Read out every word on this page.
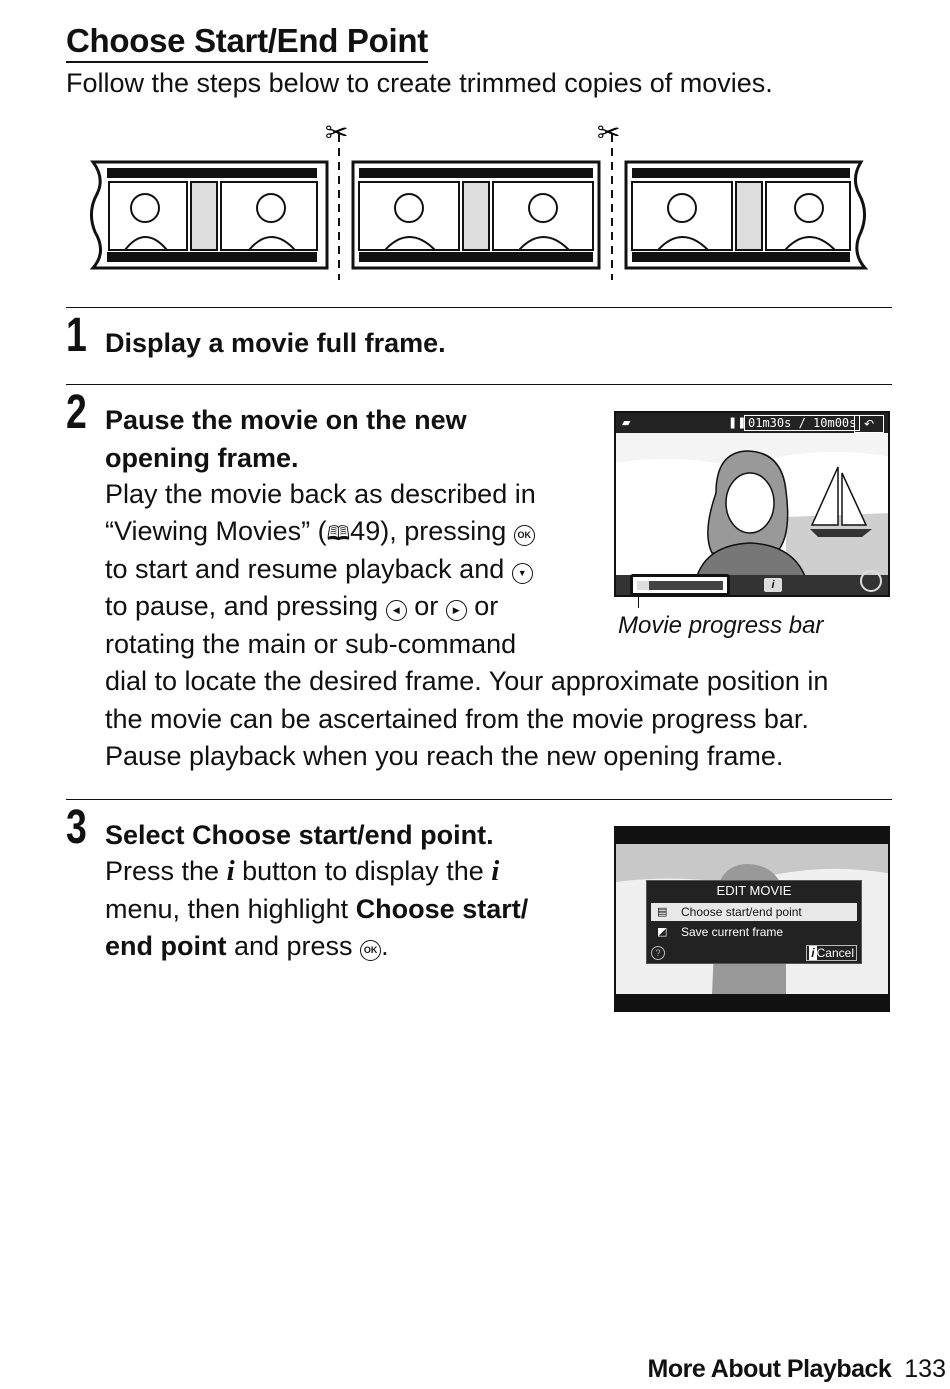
Choose Start/End Point
Follow the steps below to create trimmed copies of movies.
✂	✂
1 Display a movie full frame.
2 Pause the movie on the new
opening frame.
Play the movie back as described in
“Viewing Movies” (🕮49), pressing OK
to start and resume playback and ▼
to pause, and pressing ◀ or ▶ or
rotating the main or sub-command
dial to locate the desired frame. Your approximate position in
the movie can be ascertained from the movie progress bar.
Pause playback when you reach the new opening frame.
▰	❚❚ 01m30s / 10m00s ↶
i
Movie progress bar
3 Select Choose start/end point.
Press the i button to display the i
menu, then highlight Choose start/
end point and press OK .
EDIT MOVIE
Choose start/end point
▤
Save current frame
◩
?	i Cancel
More About Playback 133
